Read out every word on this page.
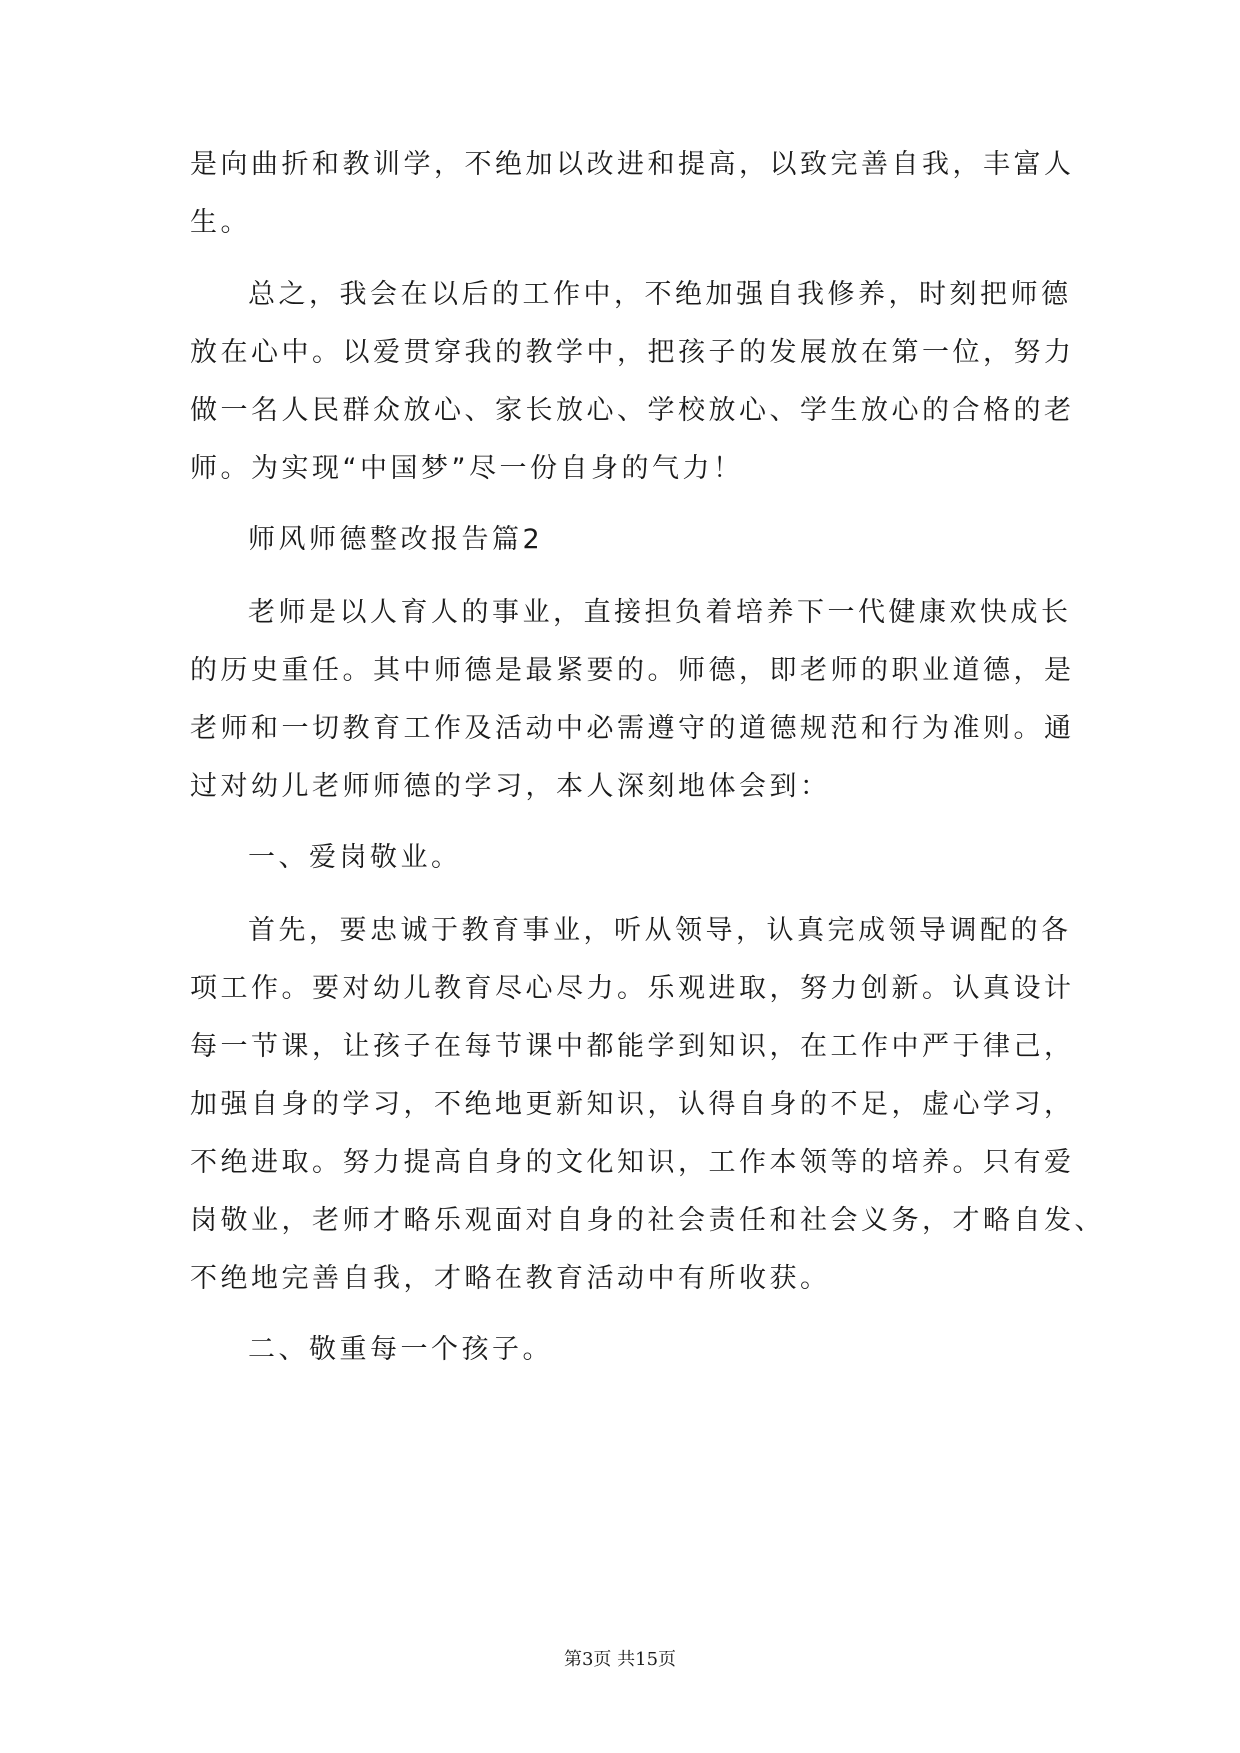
是向曲折和教训学，不绝加以改进和提高，以致完善自我，丰富人
生。
总之，我会在以后的工作中，不绝加强自我修养，时刻把师德
放在心中。以爱贯穿我的教学中，把孩子的发展放在第一位，努力
做一名人民群众放心、家长放心、学校放心、学生放心的合格的老
师。为实现“中国梦”尽一份自身的气力！
师风师德整改报告篇2
老师是以人育人的事业，直接担负着培养下一代健康欢快成长
的历史重任。其中师德是最紧要的。师德，即老师的职业道德，是
老师和一切教育工作及活动中必需遵守的道德规范和行为准则。通
过对幼儿老师师德的学习，本人深刻地体会到：
一、爱岗敬业。
首先，要忠诚于教育事业，听从领导，认真完成领导调配的各
项工作。要对幼儿教育尽心尽力。乐观进取，努力创新。认真设计
每一节课，让孩子在每节课中都能学到知识，在工作中严于律己，
加强自身的学习，不绝地更新知识，认得自身的不足，虚心学习，
不绝进取。努力提高自身的文化知识，工作本领等的培养。只有爱
岗敬业，老师才略乐观面对自身的社会责任和社会义务，才略自发、
不绝地完善自我，才略在教育活动中有所收获。
二、敬重每一个孩子。
第3页 共15页
